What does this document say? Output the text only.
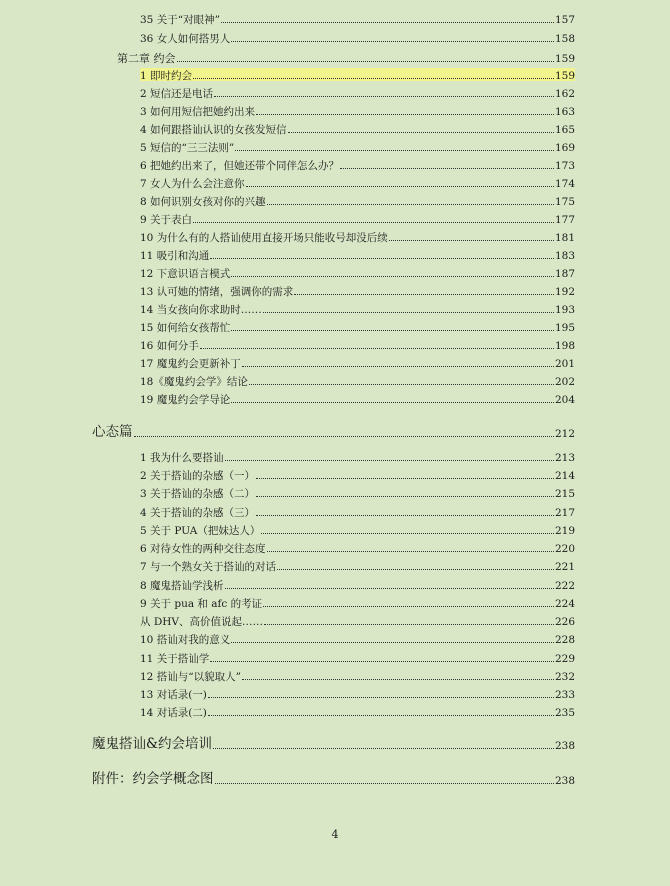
35 关于“对眼神”	157
36 女人如何搭男人	158
第二章 约会	159
1 即时约会	159
2 短信还是电话	162
3 如何用短信把她约出来	163
4 如何跟搭讪认识的女孩发短信	165
5 短信的“三三法则”	169
6 把她约出来了，但她还带个同伴怎么办？	173
7 女人为什么会注意你	174
8 如何识别女孩对你的兴趣	175
9 关于表白	177
10 为什么有的人搭讪使用直接开场只能收号却没后续	181
11 吸引和沟通	183
12 下意识语言模式	187
13 认可她的情绪，强调你的需求	192
14 当女孩向你求助时……	193
15 如何给女孩帮忙	195
16 如何分手	198
17 魔鬼约会更新补丁	201
18《魔鬼约会学》结论	202
19 魔鬼约会学导论	204
心态篇	212
1 我为什么要搭讪	213
2 关于搭讪的杂感（一）	214
3 关于搭讪的杂感（二）	215
4 关于搭讪的杂感（三）	217
5 关于 PUA（把妹达人）	219
6 对待女性的两种交往态度	220
7 与一个熟女关于搭讪的对话	221
8 魔鬼搭讪学浅析	222
9 关于 pua 和 afc 的考证	224
从 DHV、高价值说起……	226
10 搭讪对我的意义	228
11 关于搭讪学	229
12 搭讪与“以貌取人”	232
13 对话录(一)	233
14 对话录(二)	235
魔鬼搭讪&约会培训	238
附件：约会学概念图	238
4
